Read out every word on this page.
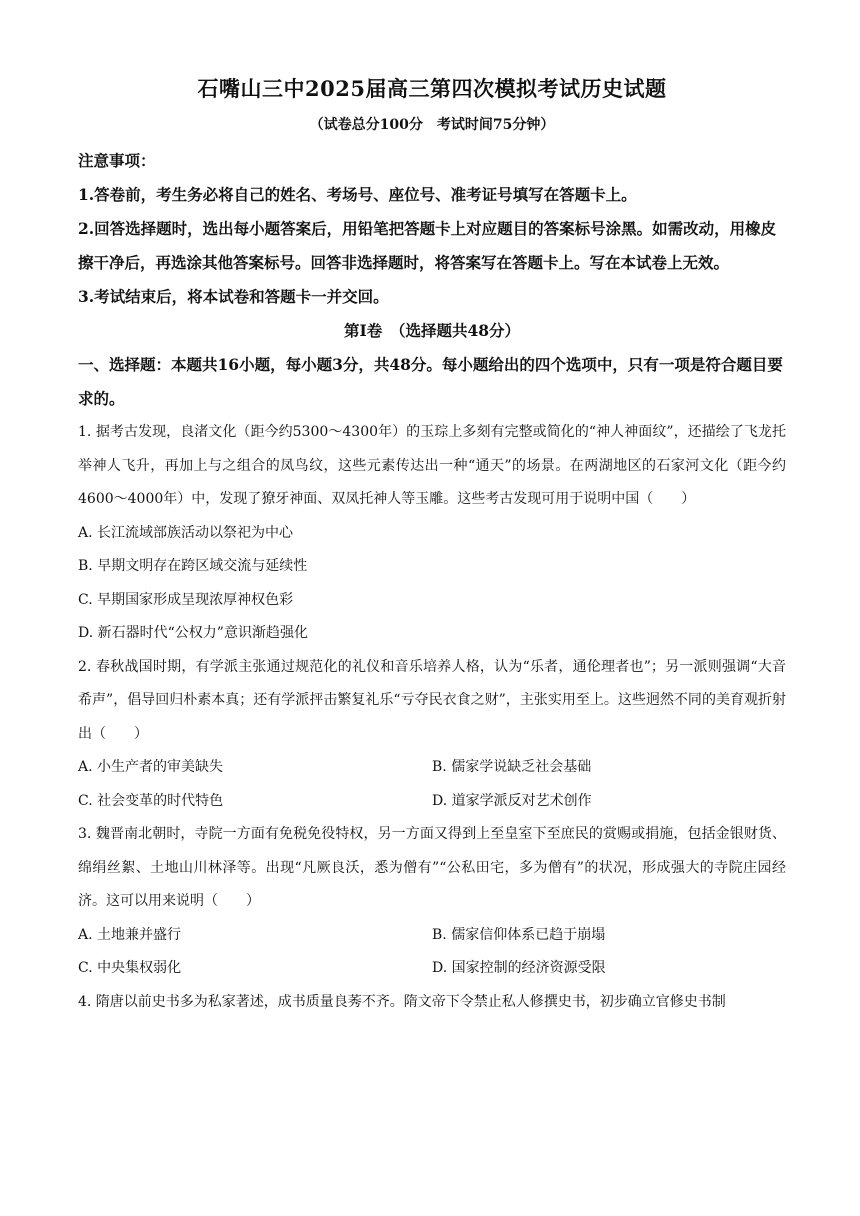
石嘴山三中2025届高三第四次模拟考试历史试题
（试卷总分100分　考试时间75分钟）
注意事项：
1.答卷前，考生务必将自己的姓名、考场号、座位号、准考证号填写在答题卡上。
2.回答选择题时，选出每小题答案后，用铅笔把答题卡上对应题目的答案标号涂黑。如需改动，用橡皮擦干净后，再选涂其他答案标号。回答非选择题时，将答案写在答题卡上。写在本试卷上无效。
3.考试结束后，将本试卷和答题卡一并交回。
第Ⅰ卷　（选择题共48分）
一、选择题：本题共16小题，每小题3分，共48分。每小题给出的四个选项中，只有一项是符合题目要求的。
1. 据考古发现，良渚文化（距今约5300～4300年）的玉琮上多刻有完整或简化的“神人神面纹”，还描绘了飞龙托举神人飞升，再加上与之组合的凤鸟纹，这些元素传达出一种“通天”的场景。在两湖地区的石家河文化（距今约4600～4000年）中，发现了獠牙神面、双凤托神人等玉雕。这些考古发现可用于说明中国（　　）
A. 长江流域部族活动以祭祀为中心
B. 早期文明存在跨区域交流与延续性
C. 早期国家形成呈现浓厚神权色彩
D. 新石器时代“公权力”意识渐趋强化
2. 春秋战国时期，有学派主张通过规范化的礼仪和音乐培养人格，认为“乐者，通伦理者也”；另一派则强调“大音希声”，倡导回归朴素本真；还有学派抨击繁复礼乐“亏夺民衣食之财”，主张实用至上。这些迥然不同的美育观折射出（　　）
A. 小生产者的审美缺失	B. 儒家学说缺乏社会基础
C. 社会变革的时代特色	D. 道家学派反对艺术创作
3. 魏晋南北朝时，寺院一方面有免税免役特权，另一方面又得到上至皇室下至庶民的赏赐或捐施，包括金银财货、绵绢丝絮、土地山川林泽等。出现“凡厥良沃，悉为僧有”“公私田宅，多为僧有”的状况，形成强大的寺院庄园经济。这可以用来说明（　　）
A. 土地兼并盛行	B. 儒家信仰体系已趋于崩塌
C. 中央集权弱化	D. 国家控制的经济资源受限
4. 隋唐以前史书多为私家著述，成书质量良莠不齐。隋文帝下令禁止私人修撰史书，初步确立官修史书制
